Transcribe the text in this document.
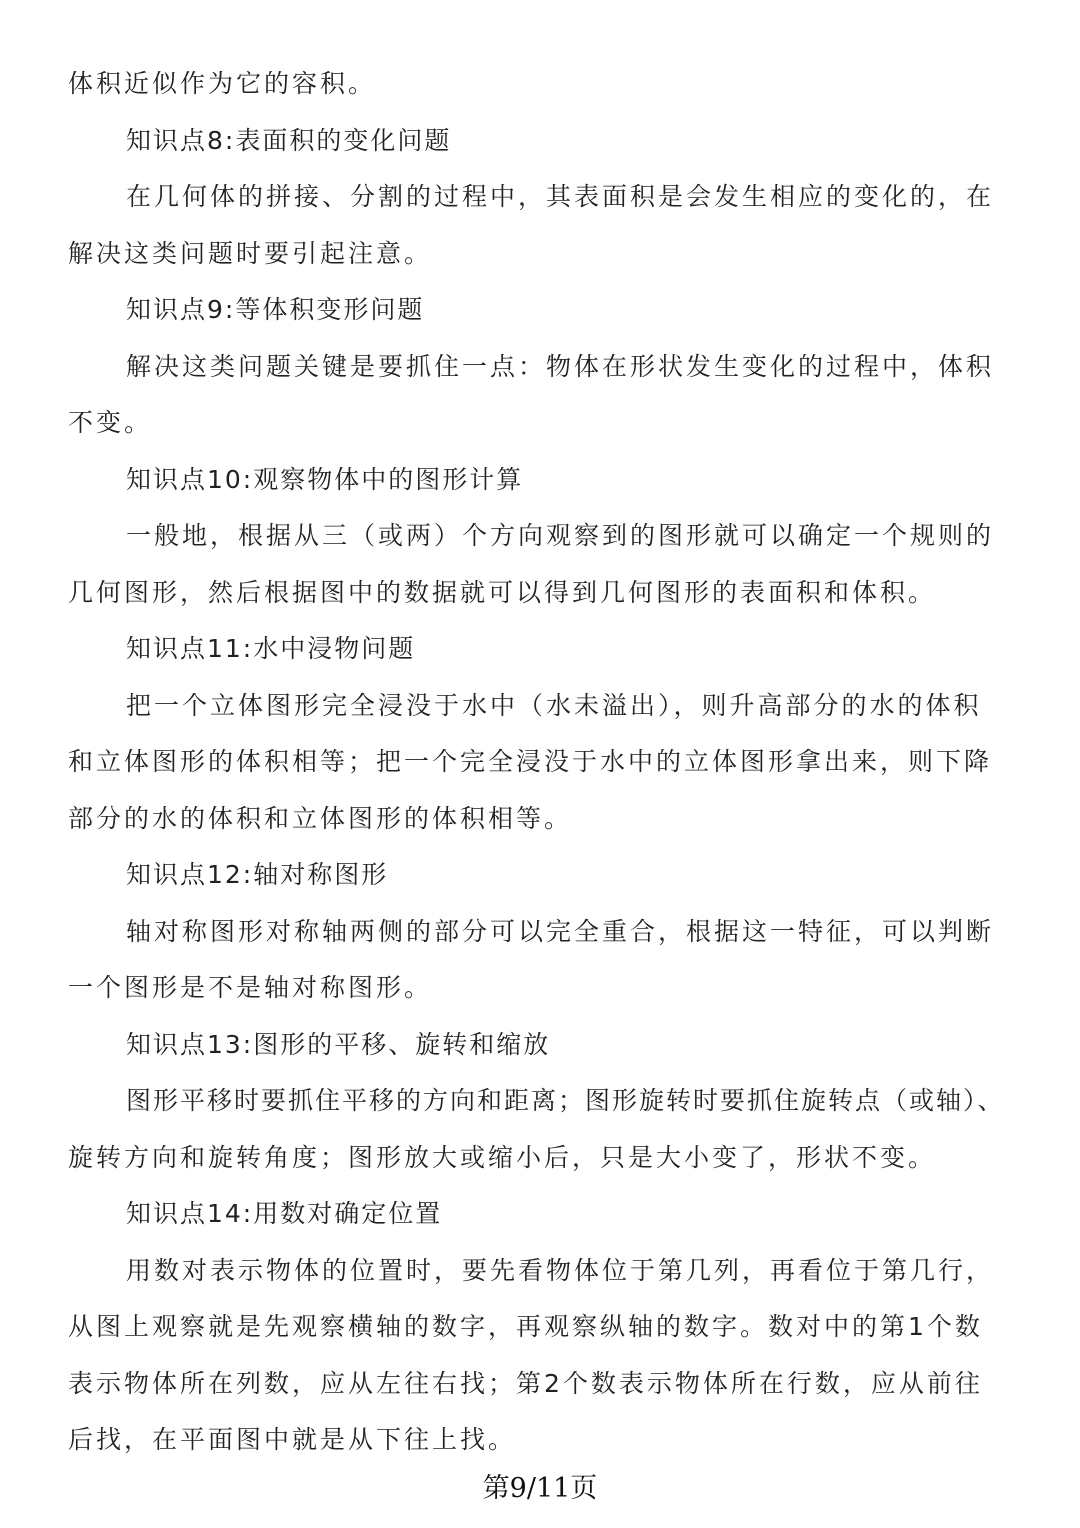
体积近似作为它的容积。
知识点8:表面积的变化问题
在几何体的拼接、分割的过程中，其表面积是会发生相应的变化的，在
解决这类问题时要引起注意。
知识点9:等体积变形问题
解决这类问题关键是要抓住一点：物体在形状发生变化的过程中，体积
不变。
知识点10:观察物体中的图形计算
一般地，根据从三（或两）个方向观察到的图形就可以确定一个规则的
几何图形，然后根据图中的数据就可以得到几何图形的表面积和体积。
知识点11:水中浸物问题
把一个立体图形完全浸没于水中（水未溢出），则升高部分的水的体积
和立体图形的体积相等；把一个完全浸没于水中的立体图形拿出来，则下降
部分的水的体积和立体图形的体积相等。
知识点12:轴对称图形
轴对称图形对称轴两侧的部分可以完全重合，根据这一特征，可以判断
一个图形是不是轴对称图形。
知识点13:图形的平移、旋转和缩放
图形平移时要抓住平移的方向和距离；图形旋转时要抓住旋转点（或轴）、
旋转方向和旋转角度；图形放大或缩小后，只是大小变了，形状不变。
知识点14:用数对确定位置
用数对表示物体的位置时，要先看物体位于第几列，再看位于第几行，
从图上观察就是先观察横轴的数字，再观察纵轴的数字。数对中的第1个数
表示物体所在列数，应从左往右找；第2个数表示物体所在行数，应从前往
后找，在平面图中就是从下往上找。
第9/11页
